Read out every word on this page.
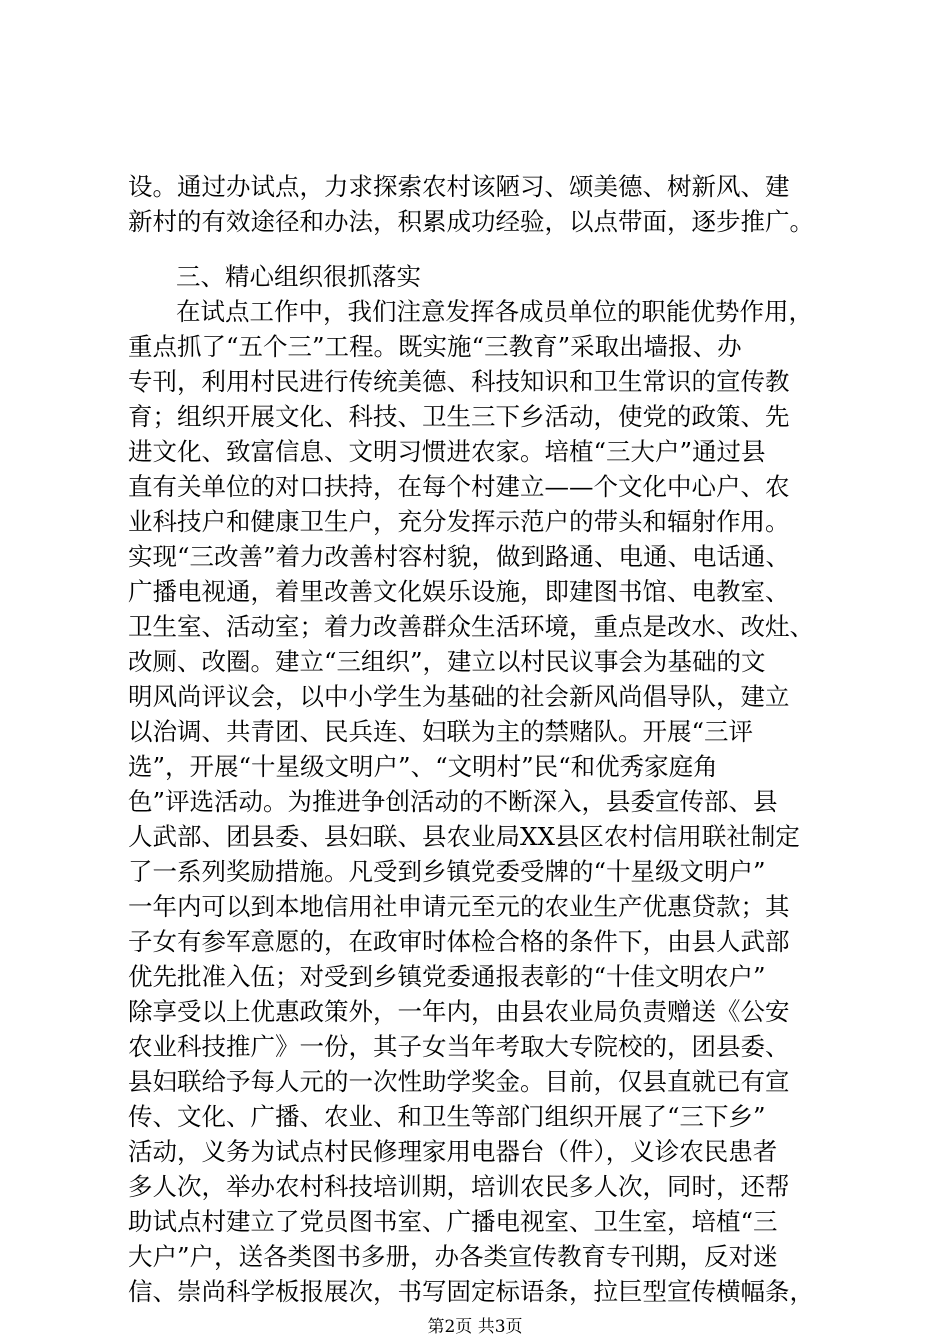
设。通过办试点，力求探索农村该陋习、颂美德、树新风、建
新村的有效途径和办法，积累成功经验，以点带面，逐步推广。
三、精心组织很抓落实
在试点工作中，我们注意发挥各成员单位的职能优势作用，
重点抓了“五个三”工程。既实施“三教育”采取出墙报、办
专刊，利用村民进行传统美德、科技知识和卫生常识的宣传教
育；组织开展文化、科技、卫生三下乡活动，使党的政策、先
进文化、致富信息、文明习惯进农家。培植“三大户”通过县
直有关单位的对口扶持，在每个村建立——个文化中心户、农
业科技户和健康卫生户，充分发挥示范户的带头和辐射作用。
实现“三改善”着力改善村容村貌，做到路通、电通、电话通、
广播电视通，着里改善文化娱乐设施，即建图书馆、电教室、
卫生室、活动室；着力改善群众生活环境，重点是改水、改灶、
改厕、改圈。建立“三组织”，建立以村民议事会为基础的文
明风尚评议会，以中小学生为基础的社会新风尚倡导队，建立
以治调、共青团、民兵连、妇联为主的禁赌队。开展“三评
选”，开展“十星级文明户”、“文明村”民“和优秀家庭角
色”评选活动。为推进争创活动的不断深入，县委宣传部、县
人武部、团县委、县妇联、县农业局XX县区农村信用联社制定
了一系列奖励措施。凡受到乡镇党委受牌的“十星级文明户”
一年内可以到本地信用社申请元至元的农业生产优惠贷款；其
子女有参军意愿的，在政审时体检合格的条件下，由县人武部
优先批准入伍；对受到乡镇党委通报表彰的“十佳文明农户”
除享受以上优惠政策外，一年内，由县农业局负责赠送《公安
农业科技推广》一份，其子女当年考取大专院校的，团县委、
县妇联给予每人元的一次性助学奖金。目前，仅县直就已有宣
传、文化、广播、农业、和卫生等部门组织开展了“三下乡”
活动，义务为试点村民修理家用电器台（件），义诊农民患者
多人次，举办农村科技培训期，培训农民多人次，同时，还帮
助试点村建立了党员图书室、广播电视室、卫生室，培植“三
大户”户，送各类图书多册，办各类宣传教育专刊期，反对迷
信、崇尚科学板报展次，书写固定标语条，拉巨型宣传横幅条，
第2页 共3页
